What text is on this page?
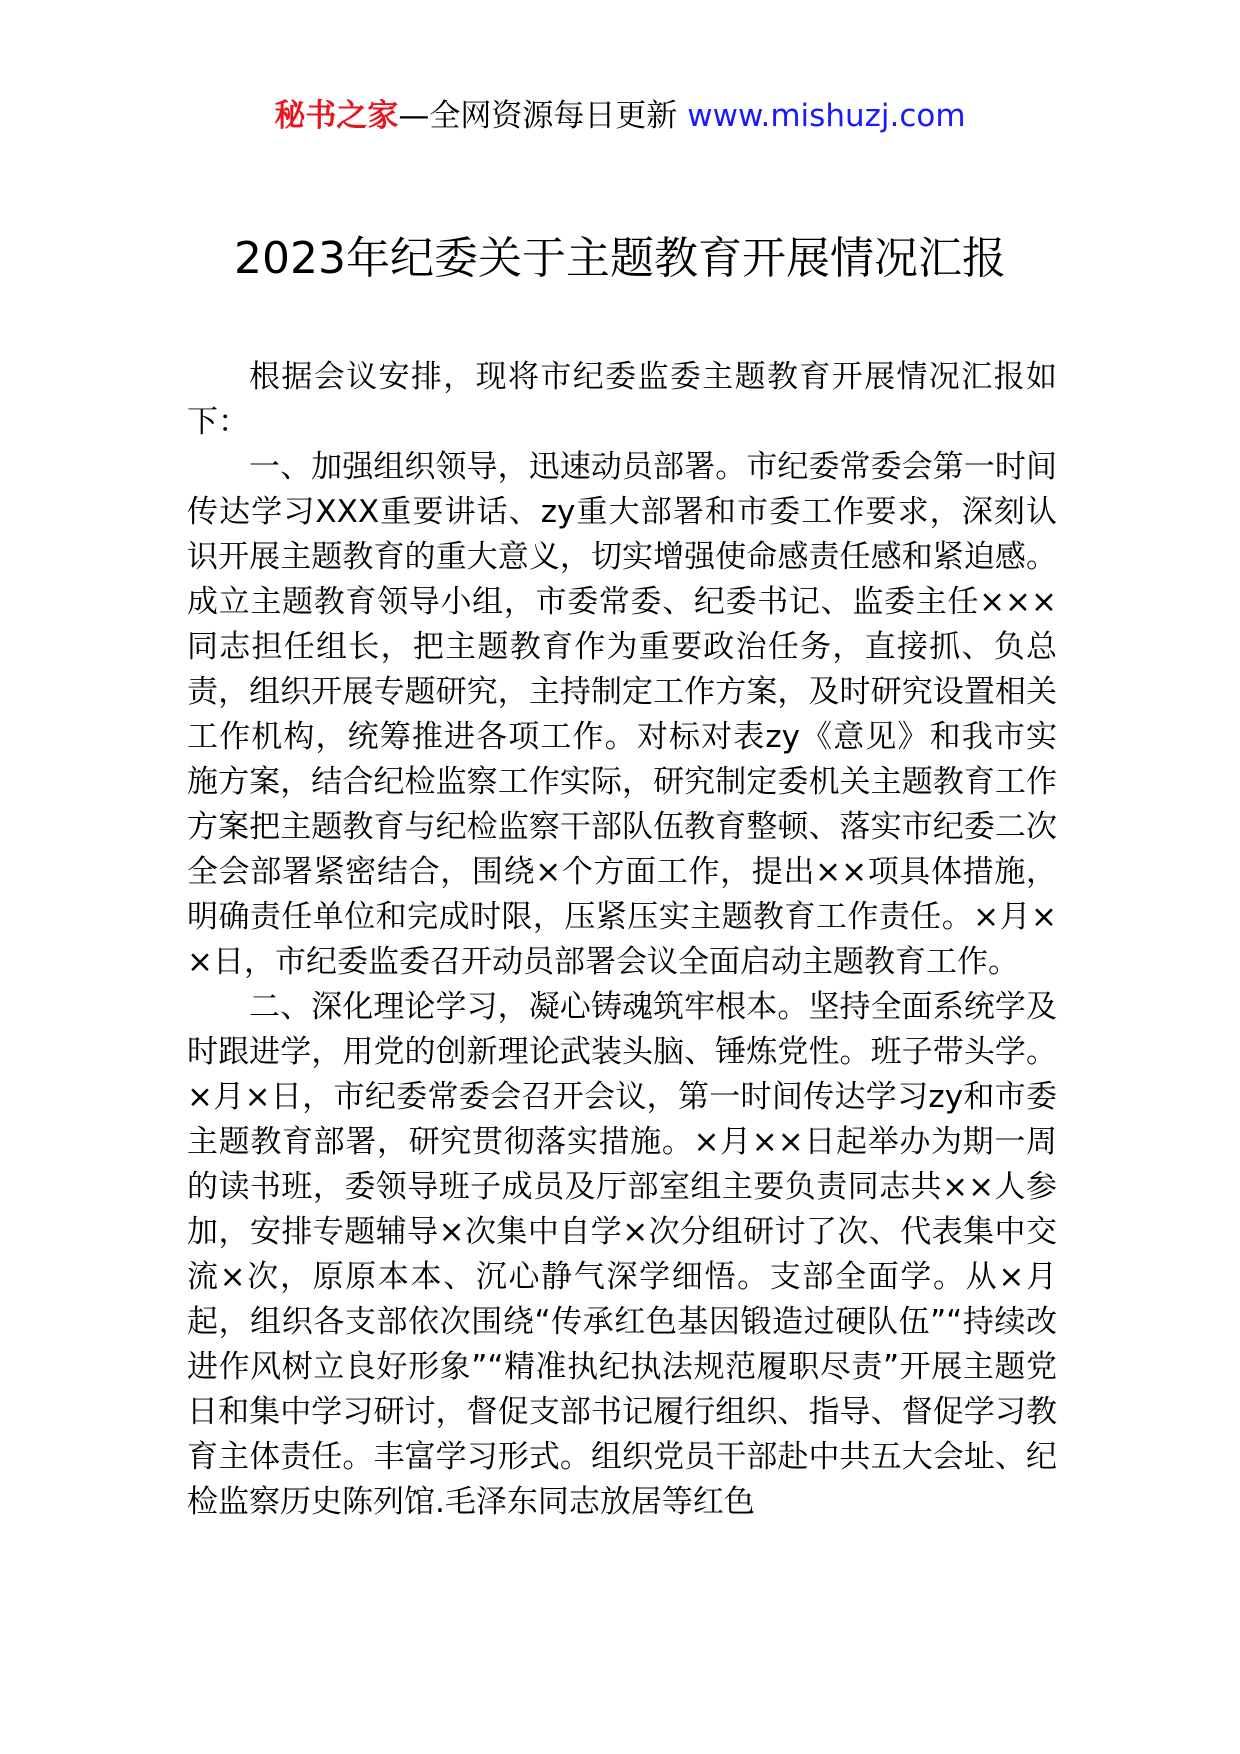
秘书之家—全网资源每日更新 www.mishuzj.com
2023年纪委关于主题教育开展情况汇报

根据会议安排，现将市纪委监委主题教育开展情况汇报如下：

一、加强组织领导，迅速动员部署。市纪委常委会第一时间传达学习XXX重要讲话、zy重大部署和市委工作要求，深刻认识开展主题教育的重大意义，切实增强使命感责任感和紧迫感。成立主题教育领导小组，市委常委、纪委书记、监委主任×××同志担任组长，把主题教育作为重要政治任务，直接抓、负总责，组织开展专题研究，主持制定工作方案，及时研究设置相关工作机构，统筹推进各项工作。对标对表zy《意见》和我市实施方案，结合纪检监察工作实际，研究制定委机关主题教育工作方案把主题教育与纪检监察干部队伍教育整顿、落实市纪委二次全会部署紧密结合，围绕×个方面工作，提出××项具体措施，明确责任单位和完成时限，压紧压实主题教育工作责任。×月××日，市纪委监委召开动员部署会议全面启动主题教育工作。

二、深化理论学习，凝心铸魂筑牢根本。坚持全面系统学及时跟进学，用党的创新理论武装头脑、锤炼党性。班子带头学。×月×日，市纪委常委会召开会议，第一时间传达学习zy和市委主题教育部署，研究贯彻落实措施。×月××日起举办为期一周的读书班，委领导班子成员及厅部室组主要负责同志共××人参加，安排专题辅导×次集中自学×次分组研讨了次、代表集中交流×次，原原本本、沉心静气深学细悟。支部全面学。从×月起，组织各支部依次围绕“传承红色基因锻造过硬队伍”“持续改进作风树立良好形象”“精准执纪执法规范履职尽责”开展主题党日和集中学习研讨，督促支部书记履行组织、指导、督促学习教育主体责任。丰富学习形式。组织党员干部赴中共五大会址、纪检监察历史陈列馆.毛泽东同志放居等红色
